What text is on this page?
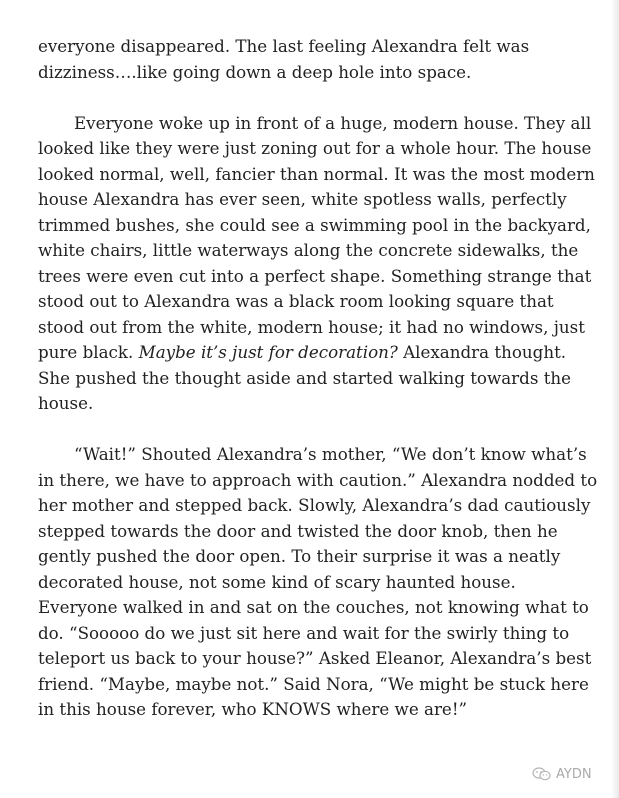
everyone disappeared. The last feeling Alexandra felt was dizziness….like going down a deep hole into space.

Everyone woke up in front of a huge, modern house. They all looked like they were just zoning out for a whole hour. The house looked normal, well, fancier than normal. It was the most modern house Alexandra has ever seen, white spotless walls, perfectly trimmed bushes, she could see a swimming pool in the backyard, white chairs, little waterways along the concrete sidewalks, the trees were even cut into a perfect shape. Something strange that stood out to Alexandra was a black room looking square that stood out from the white, modern house; it had no windows, just pure black. Maybe it’s just for decoration? Alexandra thought. She pushed the thought aside and started walking towards the house.

“Wait!” Shouted Alexandra’s mother, “We don’t know what’s in there, we have to approach with caution.” Alexandra nodded to her mother and stepped back. Slowly, Alexandra’s dad cautiously stepped towards the door and twisted the door knob, then he gently pushed the door open. To their surprise it was a neatly decorated house, not some kind of scary haunted house. Everyone walked in and sat on the couches, not knowing what to do. “Sooooo do we just sit here and wait for the swirly thing to teleport us back to your house?” Asked Eleanor, Alexandra’s best friend. “Maybe, maybe not.” Said Nora, “We might be stuck here in this house forever, who KNOWS where we are!”

AYDN
